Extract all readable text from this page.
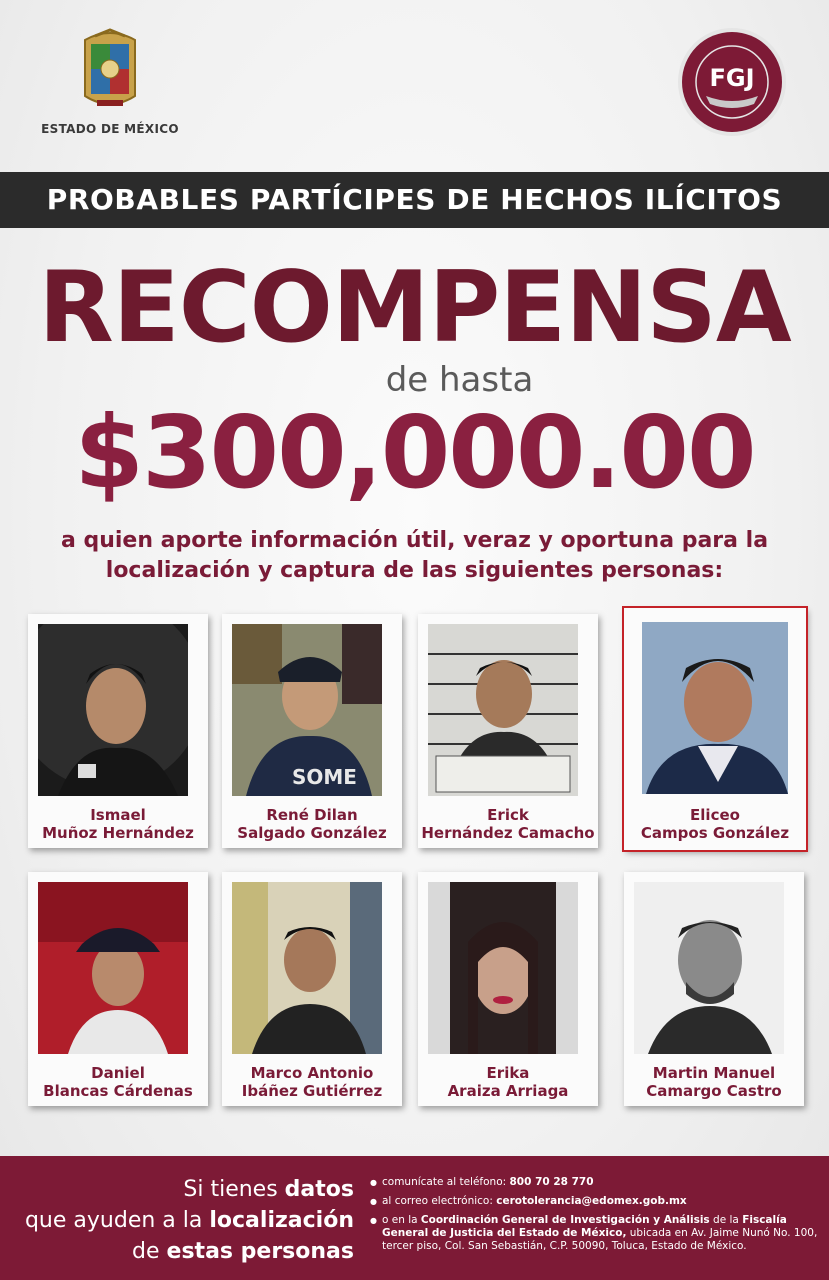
ESTADO DE MÉXICO
FGJ
PROBABLES PARTÍCIPES DE HECHOS ILÍCITOS
RECOMPENSA
de hasta
$300,000.00
a quien aporte información útil, veraz y oportuna para la
localización y captura de las siguientes personas:
Ismael
Muñoz Hernández
SOME
René Dilan
Salgado González
Erick
Hernández Camacho
Eliceo
Campos González
Daniel
Blancas Cárdenas
Marco Antonio
Ibáñez Gutiérrez
Erika
Araiza Arriaga
Martin Manuel
Camargo Castro
Si tienes datos
que ayuden a la localización
de estas personas
● comunícate al teléfono: 800 70 28 770
● al correo electrónico: cerotolerancia@edomex.gob.mx
● o en la Coordinación General de Investigación y Análisis de la Fiscalía General de Justicia del Estado de México, ubicada en Av. Jaime Nunó No. 100, tercer piso, Col. San Sebastián, C.P. 50090, Toluca, Estado de México.
